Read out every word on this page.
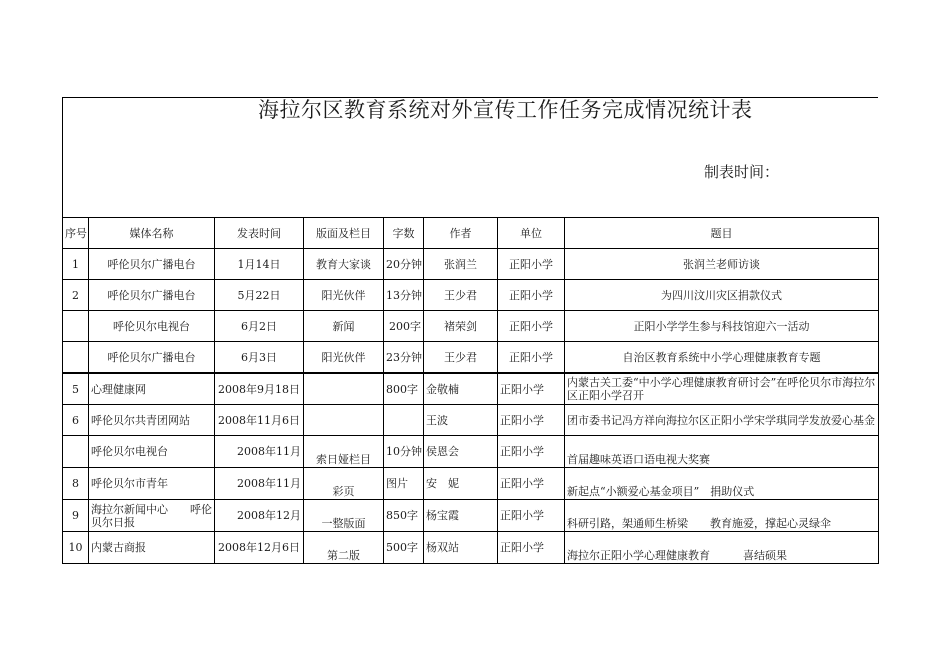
海拉尔区教育系统对外宣传工作任务完成情况统计表
制表时间：
序号	媒体名称	发表时间	版面及栏目	字数	作者	单位	题目
1	呼伦贝尔广播电台	1月14日	教育大家谈	20分钟	张润兰	正阳小学	张润兰老师访谈
2	呼伦贝尔广播电台	5月22日	阳光伙伴	13分钟	王少君	正阳小学	为四川汶川灾区捐款仪式
	呼伦贝尔电视台	6月2日	新闻	200字	褚荣剑	正阳小学	正阳小学学生参与科技馆迎六一活动
	呼伦贝尔广播电台	6月3日	阳光伙伴	23分钟	王少君	正阳小学	自治区教育系统中小学心理健康教育专题
5	心理健康网	2008年9月18日		800字	金敬楠	正阳小学	内蒙古关工委“中小学心理健康教育研讨会”在呼伦贝尔市海拉尔区正阳小学召开
6	呼伦贝尔共青团网站	2008年11月6日			王波	正阳小学	团市委书记冯方祥向海拉尔区正阳小学宋学琪同学发放爱心基金
	呼伦贝尔电视台	2008年11月	索日娅栏目	10分钟	侯恩会	正阳小学	首届趣味英语口语电视大奖赛
8	呼伦贝尔市青年	2008年11月	彩页	图片	安　妮	正阳小学	新起点“小额爱心基金项目”　捐助仪式
9	海拉尔新闻中心　　呼伦贝尔日报	2008年12月	一整版面	850字	杨宝霞	正阳小学	科研引路，架通师生桥梁　　教育施爱，撑起心灵绿伞
10	内蒙古商报	2008年12月6日	第二版	500字	杨双站	正阳小学	海拉尔正阳小学心理健康教育　　　喜结硕果
